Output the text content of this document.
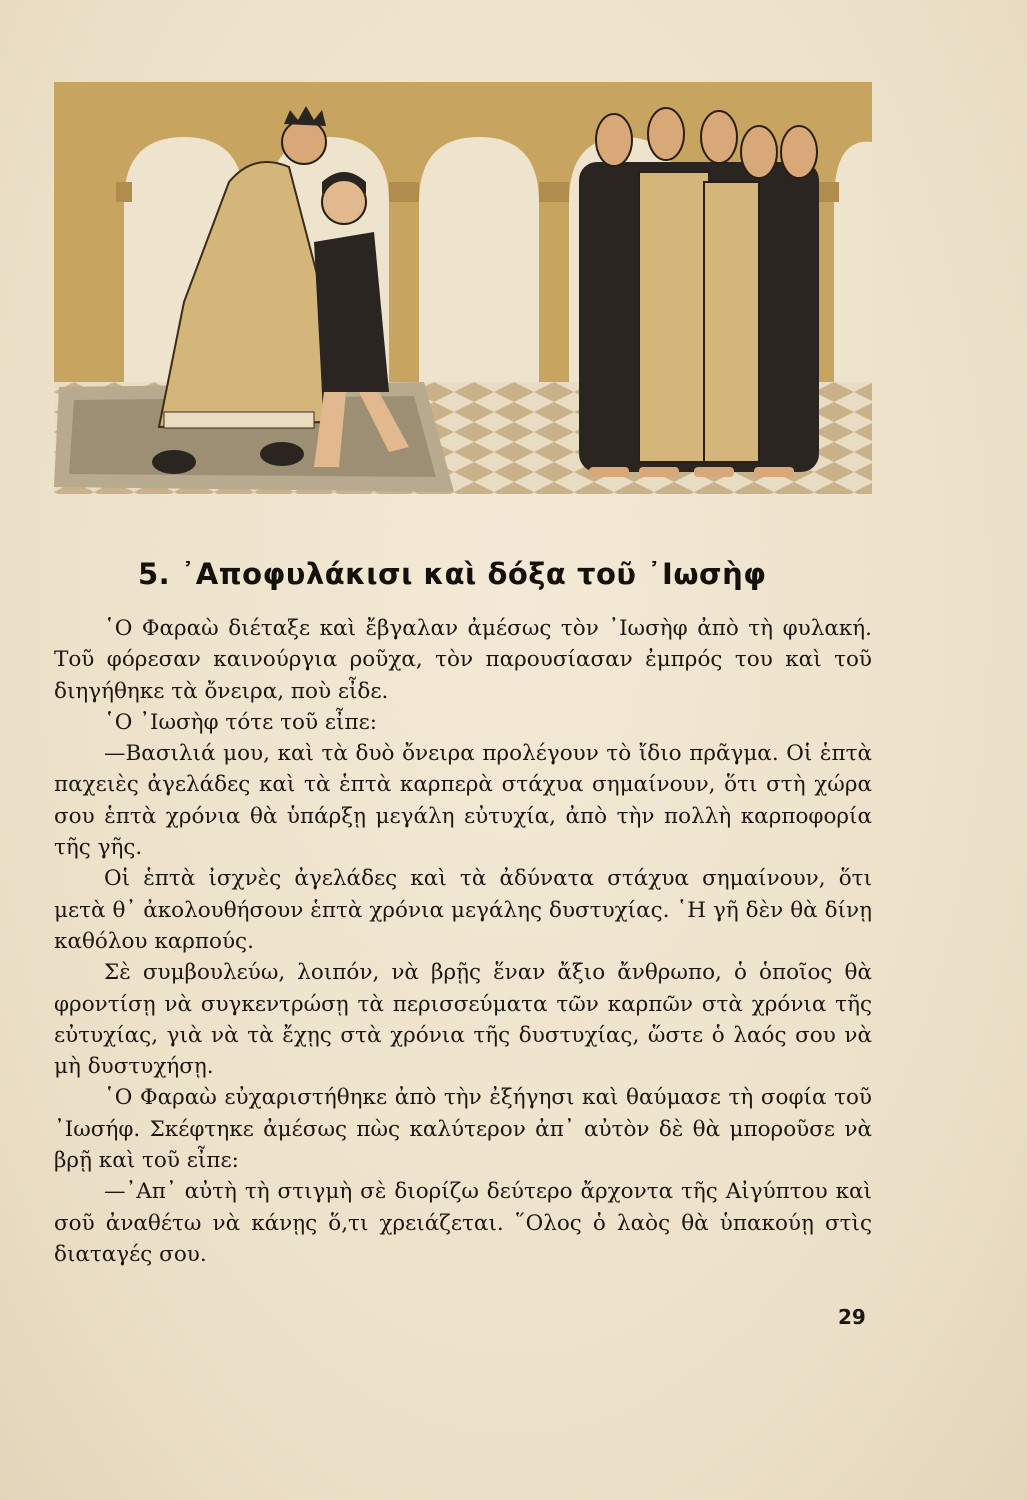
5. ᾿Αποφυλάκισι καὶ δόξα τοῦ ᾿Ιωσὴφ

῾Ο Φαραὼ διέταξε καὶ ἔβγαλαν ἀμέσως τὸν ᾿Ιωσὴφ ἀπὸ τὴ φυλακή. Τοῦ φόρεσαν καινούργια ροῦχα, τὸν παρουσίασαν ἐμπρός του καὶ τοῦ διηγήθηκε τὰ ὄνειρα, ποὺ εἶδε.

῾Ο ᾿Ιωσὴφ τότε τοῦ εἶπε:

—Βασιλιά μου, καὶ τὰ δυὸ ὄνειρα προλέγουν τὸ ἴδιο πρᾶγμα. Οἱ ἑπτὰ παχειὲς ἀγελάδες καὶ τὰ ἑπτὰ καρπερὰ στάχυα σημαίνουν, ὅτι στὴ χώρα σου ἑπτὰ χρόνια θὰ ὑπάρξῃ μεγάλη εὐτυχία, ἀπὸ τὴν πολλὴ καρποφορία τῆς γῆς.

Οἱ ἑπτὰ ἰσχνὲς ἀγελάδες καὶ τὰ ἀδύνατα στάχυα σημαίνουν, ὅτι μετὰ θ᾿ ἀκολουθήσουν ἑπτὰ χρόνια μεγάλης δυστυχίας. ῾Η γῆ δὲν θὰ δίνῃ καθόλου καρπούς.

Σὲ συμβουλεύω, λοιπόν, νὰ βρῇς ἕναν ἄξιο ἄνθρωπο, ὁ ὁποῖος θὰ φροντίσῃ νὰ συγκεντρώσῃ τὰ περισσεύματα τῶν καρπῶν στὰ χρόνια τῆς εὐτυχίας, γιὰ νὰ τὰ ἔχῃς στὰ χρόνια τῆς δυστυχίας, ὥστε ὁ λαός σου νὰ μὴ δυστυχήσῃ.

῾Ο Φαραὼ εὐχαριστήθηκε ἀπὸ τὴν ἐξήγησι καὶ θαύμασε τὴ σοφία τοῦ ᾿Ιωσήφ. Σκέφτηκε ἀμέσως πὼς καλύτερον ἀπ᾿ αὐτὸν δὲ θὰ μποροῦσε νὰ βρῇ καὶ τοῦ εἶπε:

—᾿Απ᾿ αὐτὴ τὴ στιγμὴ σὲ διορίζω δεύτερο ἄρχοντα τῆς Αἰγύπτου καὶ σοῦ ἀναθέτω νὰ κάνῃς ὅ,τι χρειάζεται. ῞Ολος ὁ λαὸς θὰ ὑπακούῃ στὶς διαταγές σου.

29
